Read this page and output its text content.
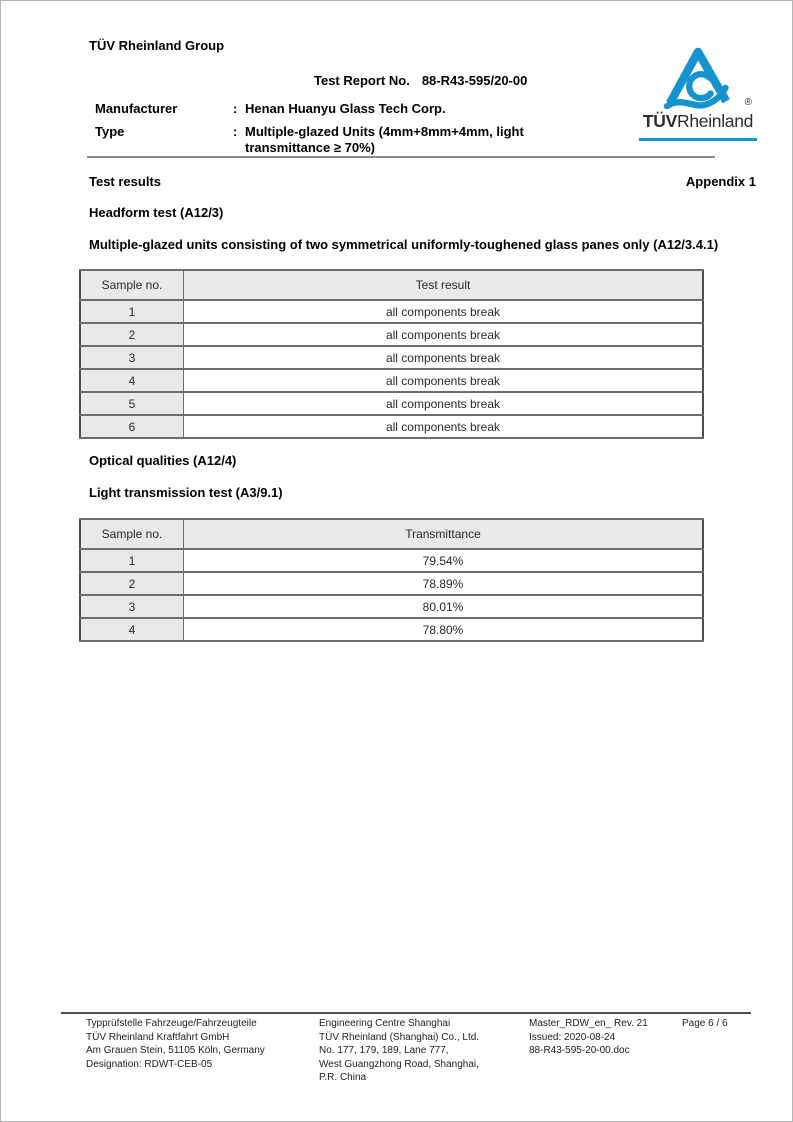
TÜV Rheinland Group
Test Report No. 88-R43-595/20-00
Manufacturer	: Henan Huanyu Glass Tech Corp.
Type	: Multiple-glazed Units (4mm+8mm+4mm, light transmittance ≥ 70%)
®
TÜVRheinland
Test results	Appendix 1
Headform test (A12/3)
Multiple-glazed units consisting of two symmetrical uniformly-toughened glass panes only (A12/3.4.1)
Sample no.	Test result
1	all components break
2	all components break
3	all components break
4	all components break
5	all components break
6	all components break
Optical qualities (A12/4)
Light transmission test (A3/9.1)
Sample no.	Transmittance
1	79.54%
2	78.89%
3	80.01%
4	78.80%
Typprüfstelle Fahrzeuge/Fahrzeugteile
TÜV Rheinland Kraftfahrt GmbH
Am Grauen Stein, 51105 Köln, Germany
Designation: RDWT-CEB-05
Engineering Centre Shanghai
TÜV Rheinland (Shanghai) Co., Ltd.
No. 177, 179, 189, Lane 777,
West Guangzhong Road, Shanghai,
P.R. China
Master_RDW_en_ Rev. 21
Issued: 2020-08-24
88-R43-595-20-00.doc
Page 6 / 6
